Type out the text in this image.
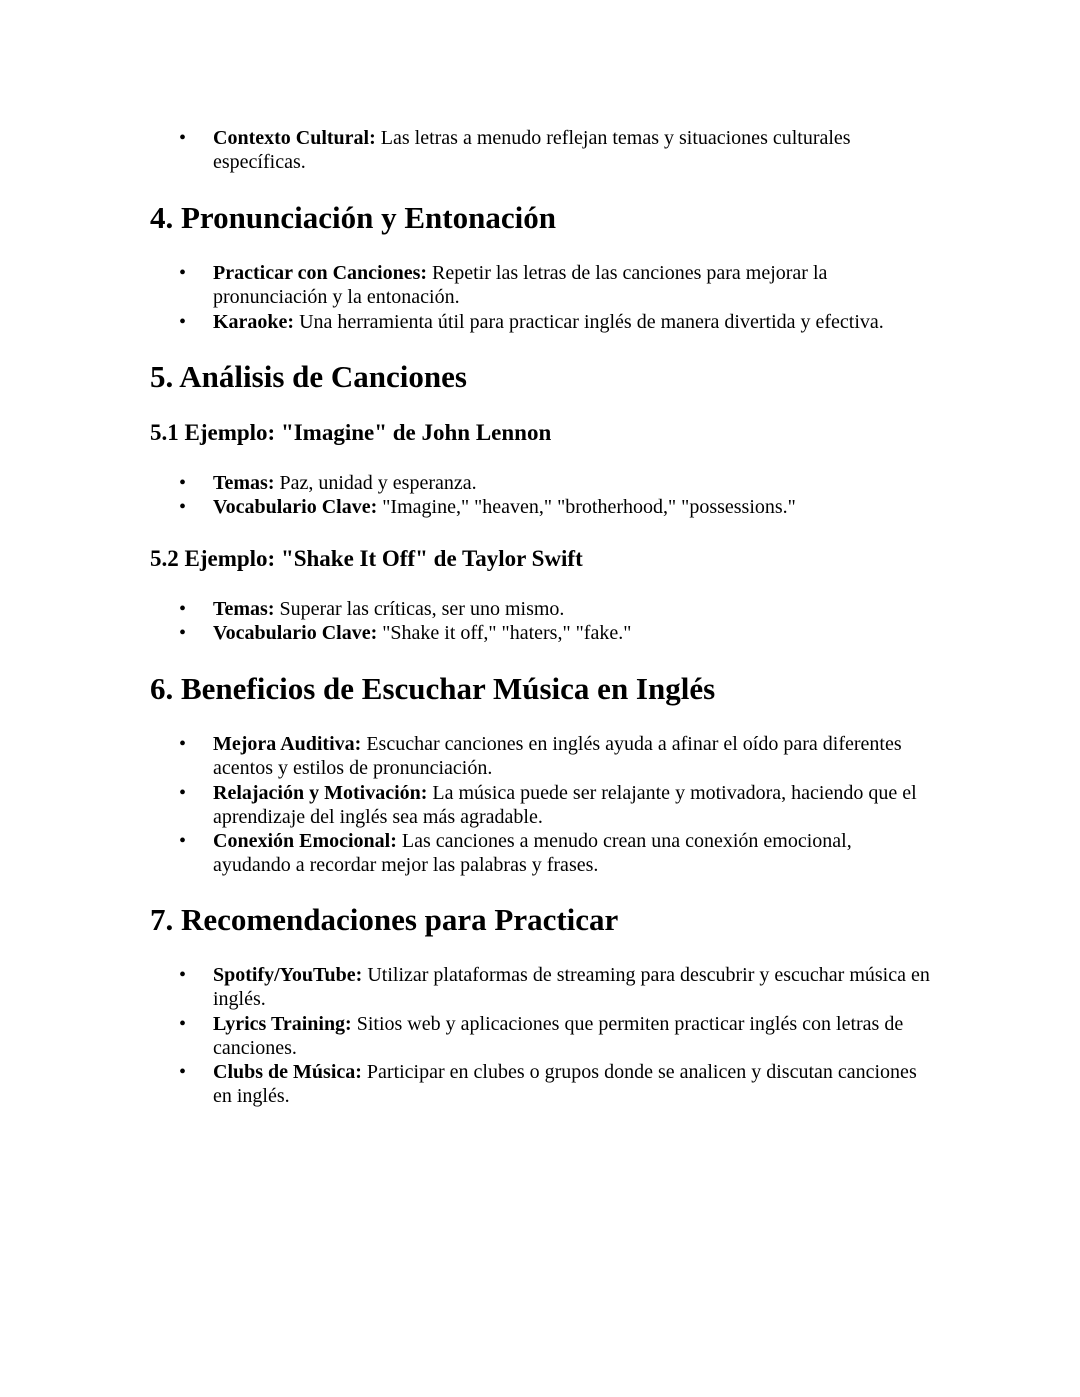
• Contexto Cultural: Las letras a menudo reflejan temas y situaciones culturales específicas.
4. Pronunciación y Entonación
• Practicar con Canciones: Repetir las letras de las canciones para mejorar la pronunciación y la entonación.
• Karaoke: Una herramienta útil para practicar inglés de manera divertida y efectiva.
5. Análisis de Canciones
5.1 Ejemplo: "Imagine" de John Lennon
• Temas: Paz, unidad y esperanza.
• Vocabulario Clave: "Imagine," "heaven," "brotherhood," "possessions."
5.2 Ejemplo: "Shake It Off" de Taylor Swift
• Temas: Superar las críticas, ser uno mismo.
• Vocabulario Clave: "Shake it off," "haters," "fake."
6. Beneficios de Escuchar Música en Inglés
• Mejora Auditiva: Escuchar canciones en inglés ayuda a afinar el oído para diferentes acentos y estilos de pronunciación.
• Relajación y Motivación: La música puede ser relajante y motivadora, haciendo que el aprendizaje del inglés sea más agradable.
• Conexión Emocional: Las canciones a menudo crean una conexión emocional, ayudando a recordar mejor las palabras y frases.
7. Recomendaciones para Practicar
• Spotify/YouTube: Utilizar plataformas de streaming para descubrir y escuchar música en inglés.
• Lyrics Training: Sitios web y aplicaciones que permiten practicar inglés con letras de canciones.
• Clubs de Música: Participar en clubes o grupos donde se analicen y discutan canciones en inglés.
